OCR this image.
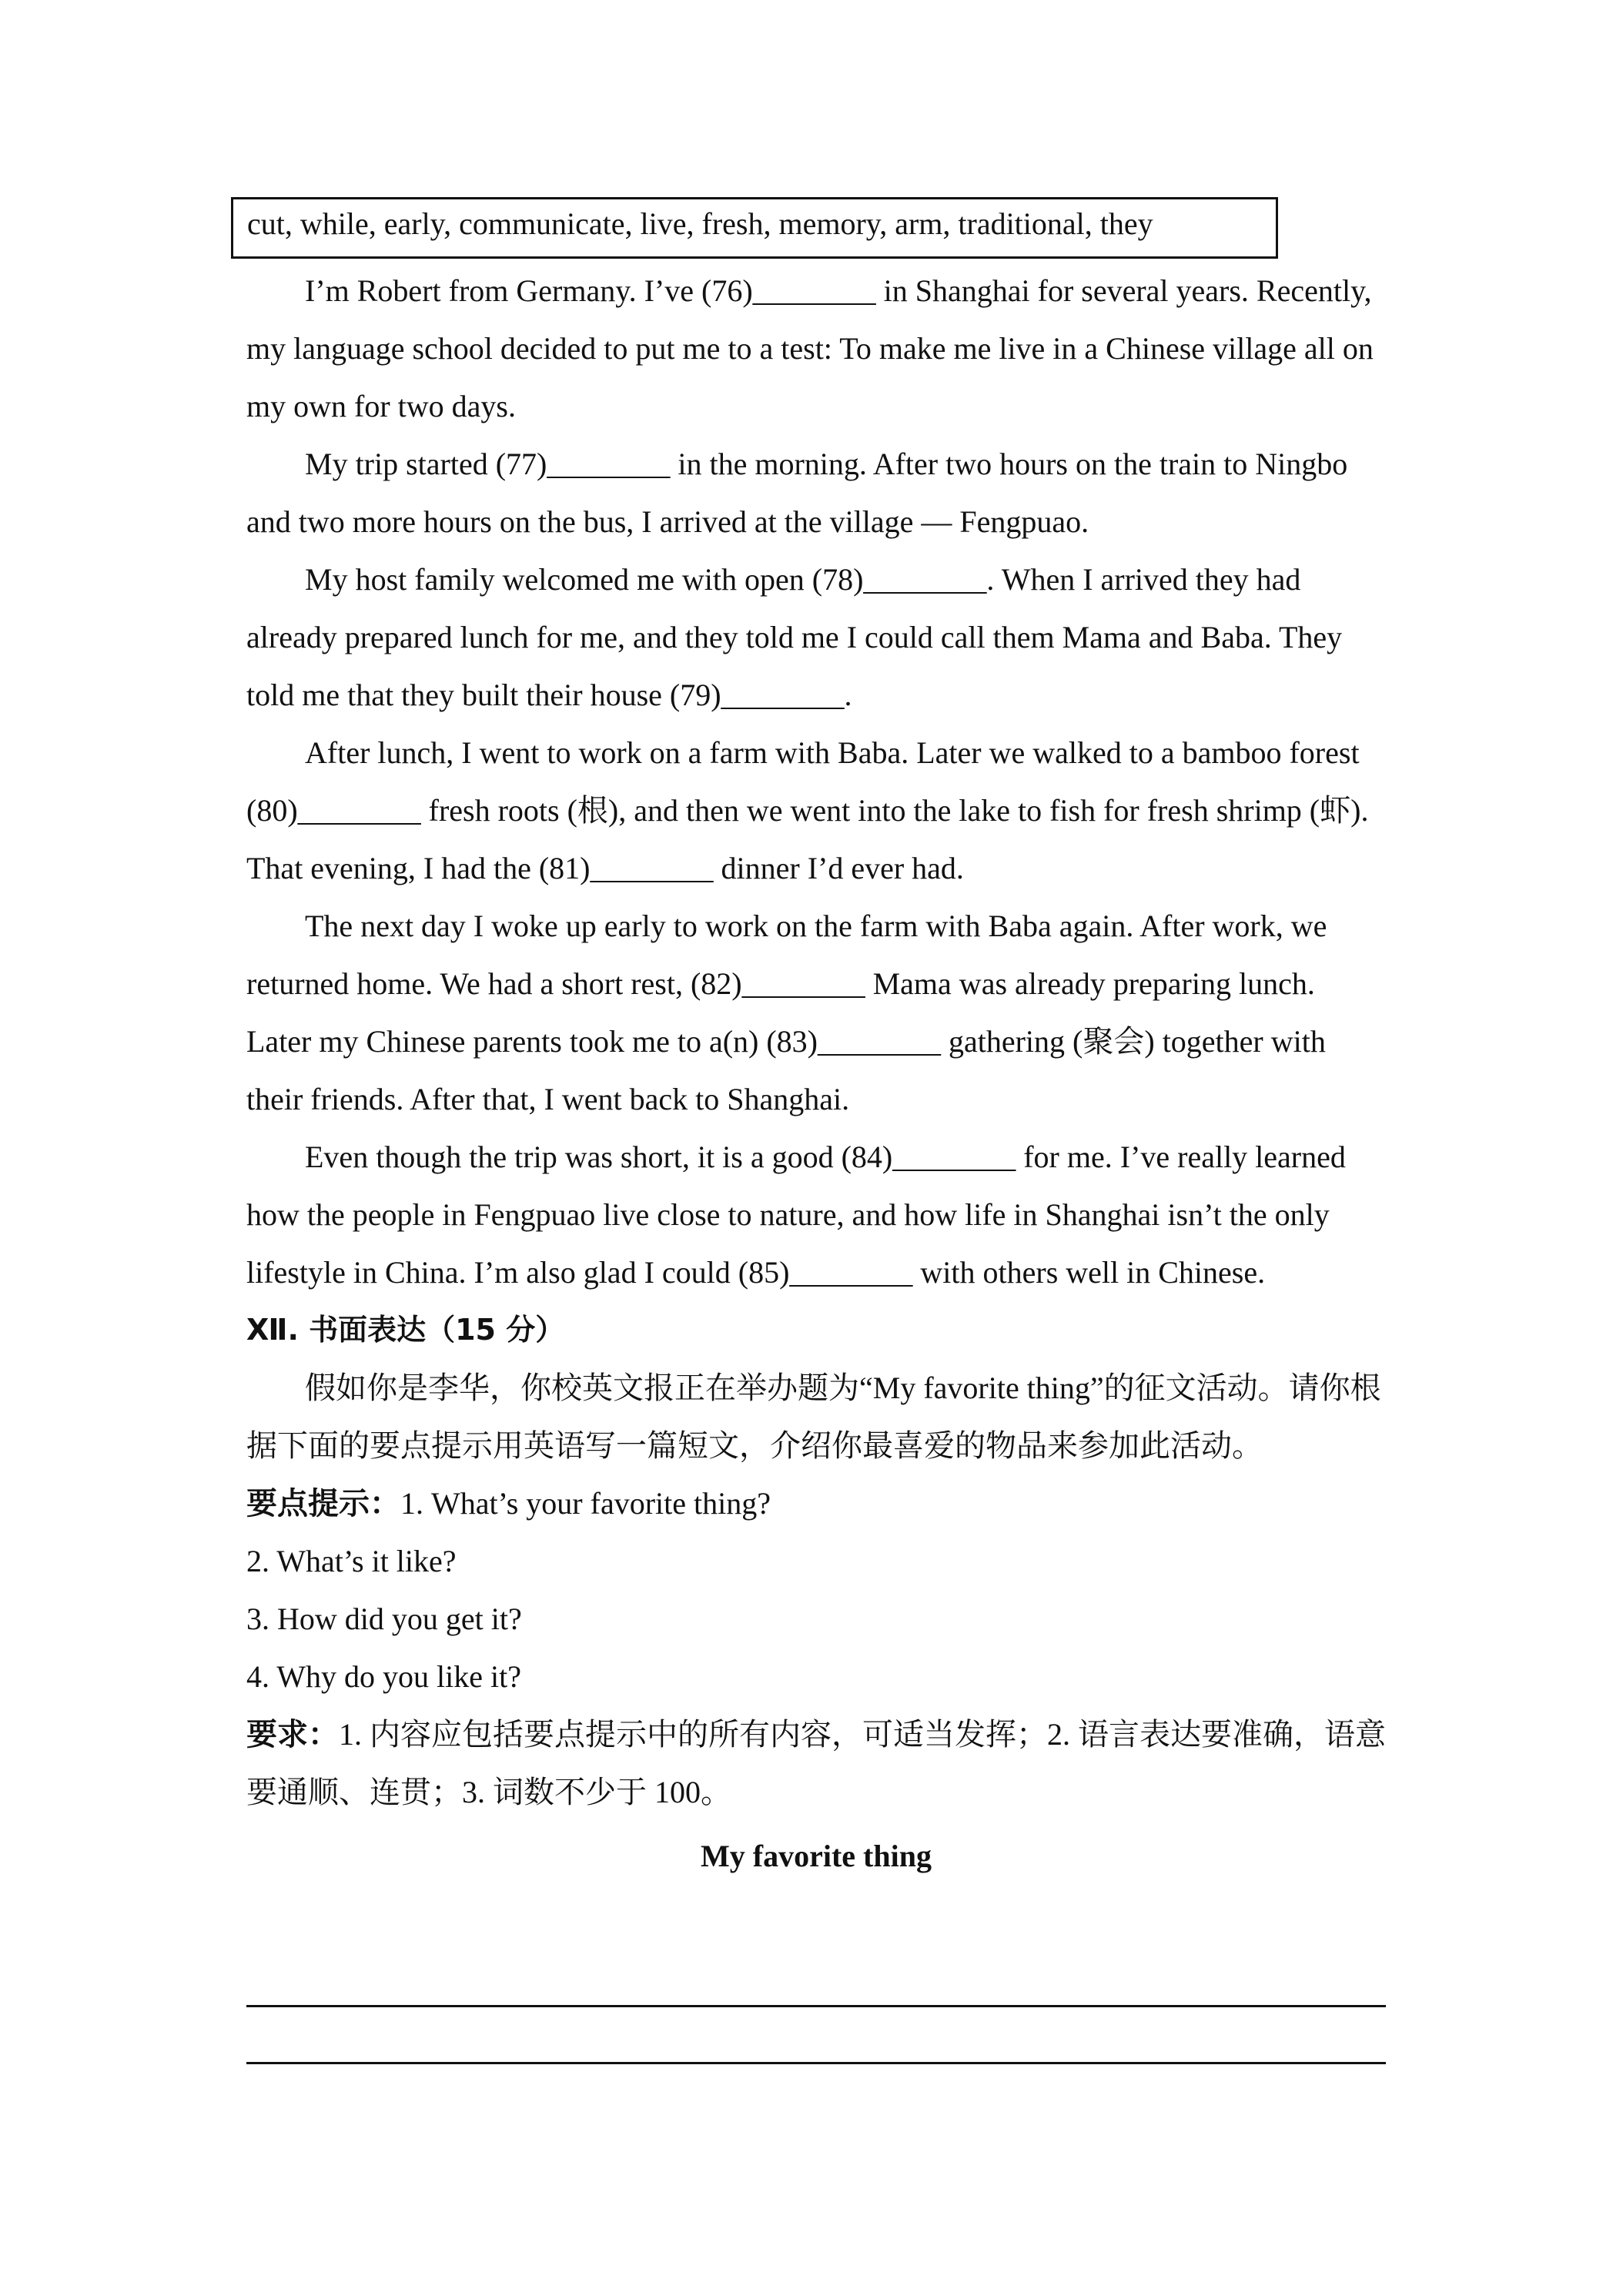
cut, while, early, communicate, live, fresh, memory, arm, traditional, they

I’m Robert from Germany. I’ve (76)________ in Shanghai for several years. Recently, my language school decided to put me to a test: To make me live in a Chinese village all on my own for two days.

My trip started (77)________ in the morning. After two hours on the train to Ningbo and two more hours on the bus, I arrived at the village — Fengpuao.

My host family welcomed me with open (78)________. When I arrived they had already prepared lunch for me, and they told me I could call them Mama and Baba. They told me that they built their house (79)________.

After lunch, I went to work on a farm with Baba. Later we walked to a bamboo forest (80)________ fresh roots (根), and then we went into the lake to fish for fresh shrimp (虾). That evening, I had the (81)________ dinner I’d ever had.

The next day I woke up early to work on the farm with Baba again. After work, we returned home. We had a short rest, (82)________ Mama was already preparing lunch. Later my Chinese parents took me to a(n) (83)________ gathering (聚会) together with their friends. After that, I went back to Shanghai.

Even though the trip was short, it is a good (84)________ for me. I’ve really learned how the people in Fengpuao live close to nature, and how life in Shanghai isn’t the only lifestyle in China. I’m also glad I could (85)________ with others well in Chinese.

Ⅻ. 书面表达（15 分）

假如你是李华，你校英文报正在举办题为“My favorite thing”的征文活动。请你根据下面的要点提示用英语写一篇短文，介绍你最喜爱的物品来参加此活动。

要点提示：1. What’s your favorite thing?

2. What’s it like?

3. How did you get it?

4. Why do you like it?

要求：1. 内容应包括要点提示中的所有内容，可适当发挥；2. 语言表达要准确，语意要通顺、连贯；3. 词数不少于 100。

My favorite thing
